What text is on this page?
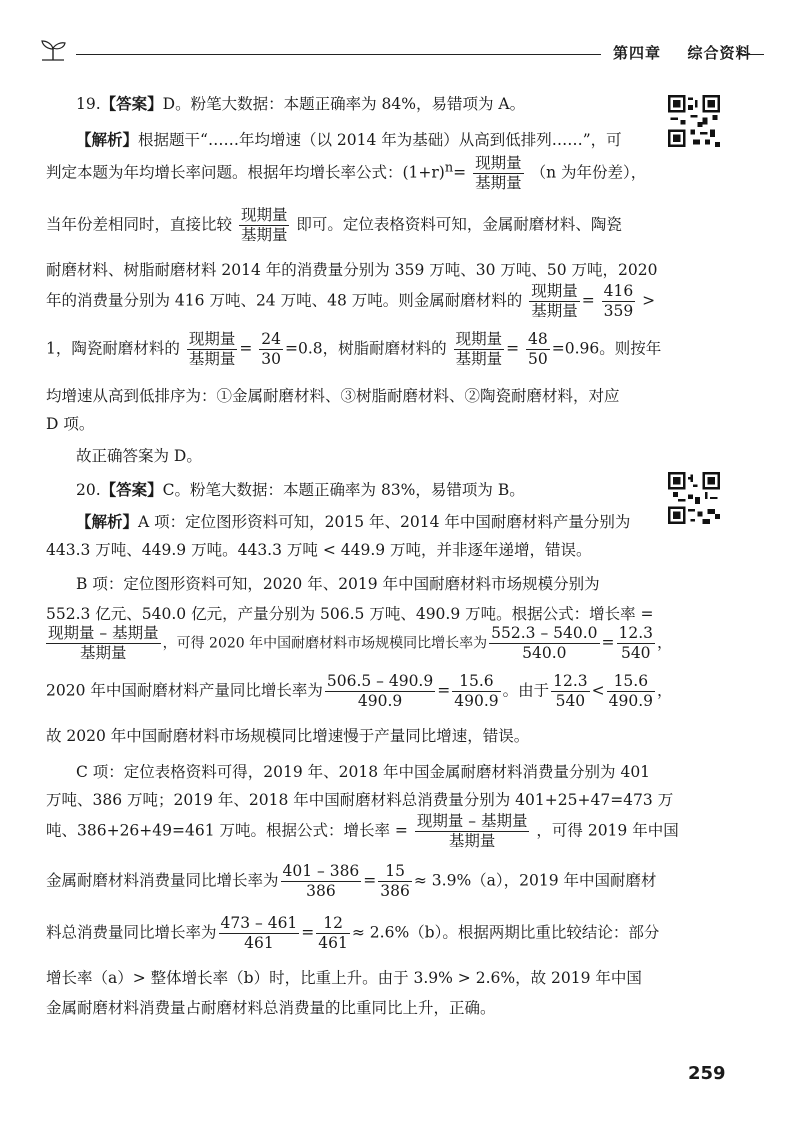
第四章 综合资料
19.【答案】D。粉笔大数据：本题正确率为 84%，易错项为 A。
【解析】根据题干“……年均增速（以 2014 年为基础）从高到低排列……”，可
判定本题为年均增长率问题。根据年均增长率公式：$(1+r)^n= \frac{\text{现期量}}{\text{基期量}} (n$ 为年份差），
当年份差相同时，直接比较 $\frac{\text{现期量}}{\text{基期量}}$ 即可。定位表格资料可知，金属耐磨材料、陶瓷
耐磨材料、树脂耐磨材料 2014 年的消费量分别为 359 万吨、30 万吨、50 万吨，2020
年的消费量分别为 416 万吨、24 万吨、48 万吨。则金属耐磨材料的 $\frac{\text{现期量}}{\text{基期量}} = \frac{416}{359}$ >
1，陶瓷耐磨材料的 $\frac{\text{现期量}}{\text{基期量}} = \frac{24}{30} =0.8$，树脂耐磨材料的 $\frac{\text{现期量}}{\text{基期量}} = \frac{48}{50} =0.96$。则按年
均增速从高到低排序为：①金属耐磨材料、③树脂耐磨材料、②陶瓷耐磨材料，对应
D 项。
故正确答案为 D。
20.【答案】C。粉笔大数据：本题正确率为 83%，易错项为 B。
【解析】A 项：定位图形资料可知，2015 年、2014 年中国耐磨材料产量分别为
443.3 万吨、449.9 万吨。443.3 万吨 < 449.9 万吨，并非逐年递增，错误。
B 项：定位图形资料可知，2020 年、2019 年中国耐磨材料市场规模分别为
552.3 亿元、540.0 亿元，产量分别为 506.5 万吨、490.9 万吨。根据公式：增长率 =
$\frac{\text{现期量 – 基期量}}{\text{基期量}}$ ，可得 2020 年中国耐磨材料市场规模同比增长率为 $\frac{552.3 - 540.0}{540.0} = \frac{12.3}{540}$ ，
2020 年中国耐磨材料产量同比增长率为 $\frac{506.5 - 490.9}{490.9} = \frac{15.6}{490.9}$ 。由于 $\frac{12.3}{540} < \frac{15.6}{490.9}$ ，
故 2020 年中国耐磨材料市场规模同比增速慢于产量同比增速，错误。
C 项：定位表格资料可得，2019 年、2018 年中国金属耐磨材料消费量分别为 401
万吨、386 万吨；2019 年、2018 年中国耐磨材料总消费量分别为 401+25+47=473 万
吨、386+26+49=461 万吨。根据公式：增长率 = $\frac{\text{现期量 – 基期量}}{\text{基期量}}$ ，可得 2019 年中国
金属耐磨材料消费量同比增长率为 $\frac{401 - 386}{386} = \frac{15}{386} \approx 3.9\%(a)$，2019 年中国耐磨材
料总消费量同比增长率为 $\frac{473 - 461}{461} = \frac{12}{461} \approx 2.6\%(b)$。根据两期比重比较结论：部分
增长率（a）> 整体增长率（b）时，比重上升。由于 3.9% > 2.6%，故 2019 年中国
金属耐磨材料消费量占耐磨材料总消费量的比重同比上升，正确。
259
